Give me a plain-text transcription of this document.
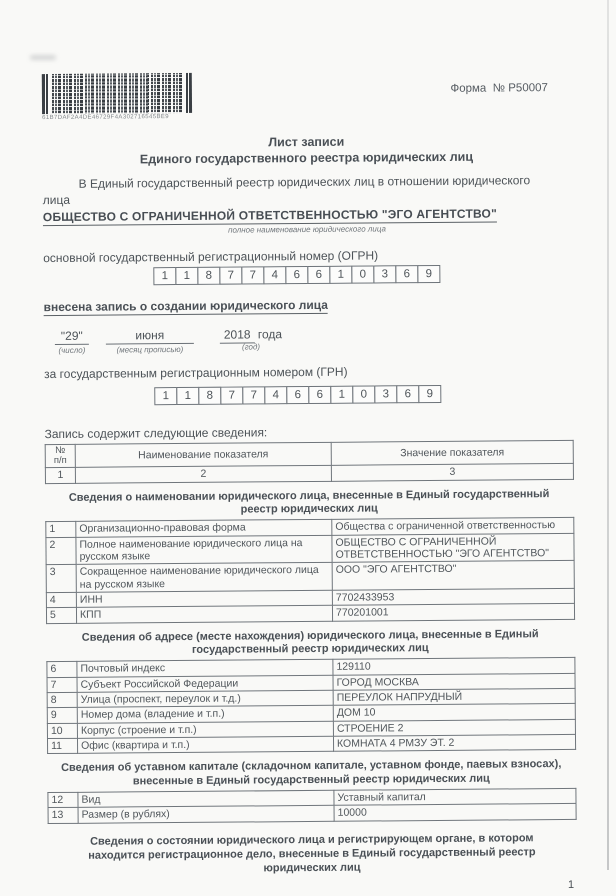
61B7DAF2A4DE46729F4A302716545BE9
Форма  № Р50007
Лист записи
Единого государственного реестра юридических лиц
В Единый государственный реестр юридических лиц в отношении юридического
лица
ОБЩЕСТВО С ОГРАНИЧЕННОЙ ОТВЕТСТВЕННОСТЬЮ "ЭГО АГЕНТСТВО"
полное наименование юридического лица
основной государственный регистрационный номер (ОГРН)
1	1	8	7	7	4	6	6	1	0	3	6	9
внесена запись о создании юридического лица
"29"
(число)
июня
(месяц прописью)
2018 года
(год)
за государственным регистрационным номером (ГРН)
1	1	8	7	7	4	6	6	1	0	3	6	9
Запись содержит следующие сведения:
№
п/п	Наименование показателя	Значение показателя
1	2	3
Сведения о наименовании юридического лица, внесенные в Единый государственный реестр юридических лиц
1	Организационно-правовая форма	Общества с ограниченной ответственностью
2	Полное наименование юридического лица на русском языке	ОБЩЕСТВО С ОГРАНИЧЕННОЙ ОТВЕТСТВЕННОСТЬЮ "ЭГО АГЕНТСТВО"
3	Сокращенное наименование юридического лица на русском языке	ООО "ЭГО АГЕНТСТВО"
4	ИНН	7702433953
5	КПП	770201001
Сведения об адресе (месте нахождения) юридического лица, внесенные в Единый государственный реестр юридических лиц
6	Почтовый индекс	129110
7	Субъект Российской Федерации	ГОРОД МОСКВА
8	Улица (проспект, переулок и т.д.)	ПЕРЕУЛОК НАПРУДНЫЙ
9	Номер дома (владение и т.п.)	ДОМ 10
10	Корпус (строение и т.п.)	СТРОЕНИЕ 2
11	Офис (квартира и т.п.)	КОМНАТА 4 РМЗУ ЭТ. 2
Сведения об уставном капитале (складочном капитале, уставном фонде, паевых взносах), внесенные в Единый государственный реестр юридических лиц
12	Вид	Уставный капитал
13	Размер (в рублях)	10000
Сведения о состоянии юридического лица и регистрирующем органе, в котором находится регистрационное дело, внесенные в Единый государственный реестр юридических лиц
1
